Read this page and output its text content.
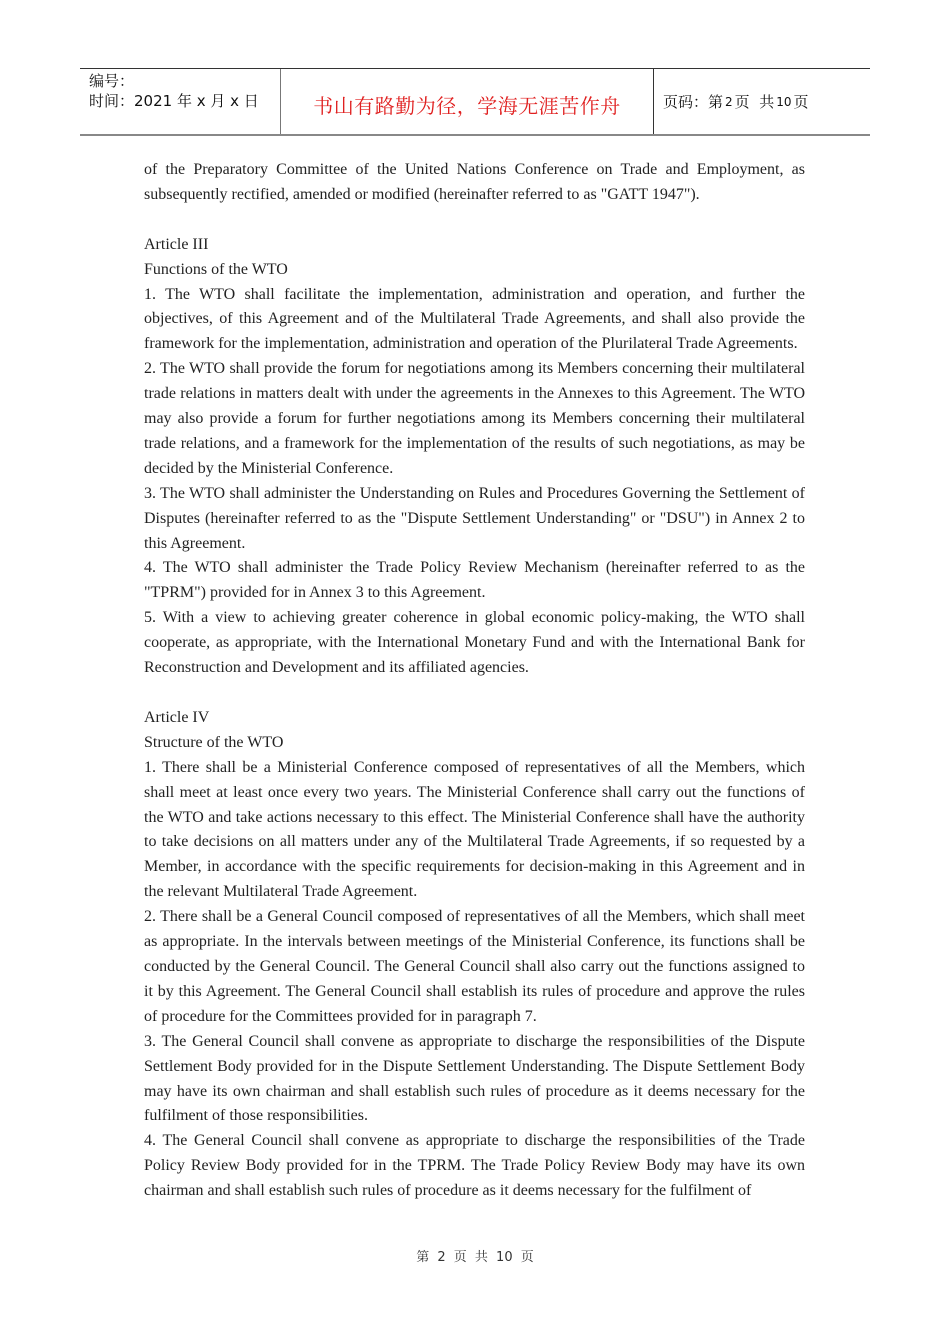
编号：
时间：2021 年 x 月 x 日	书山有路勤为径，学海无涯苦作舟	页码：第 2 页  共 10 页

of the Preparatory Committee of the United Nations Conference on Trade and Employment, as subsequently rectified, amended or modified (hereinafter referred to as "GATT 1947").

Article III

Functions of the WTO

1. The WTO shall facilitate the implementation, administration and operation, and further the objectives, of this Agreement and of the Multilateral Trade Agreements, and shall also provide the framework for the implementation, administration and operation of the Plurilateral Trade Agreements.

2. The WTO shall provide the forum for negotiations among its Members concerning their multilateral trade relations in matters dealt with under the agreements in the Annexes to this Agreement. The WTO may also provide a forum for further negotiations among its Members concerning their multilateral trade relations, and a framework for the implementation of the results of such negotiations, as may be decided by the Ministerial Conference.

3. The WTO shall administer the Understanding on Rules and Procedures Governing the Settlement of Disputes (hereinafter referred to as the "Dispute Settlement Understanding" or "DSU") in Annex 2 to this Agreement.

4. The WTO shall administer the Trade Policy Review Mechanism (hereinafter referred to as the "TPRM") provided for in Annex 3 to this Agreement.

5. With a view to achieving greater coherence in global economic policy-making, the WTO shall cooperate, as appropriate, with the International Monetary Fund and with the International Bank for Reconstruction and Development and its affiliated agencies.

Article IV

Structure of the WTO

1. There shall be a Ministerial Conference composed of representatives of all the Members, which shall meet at least once every two years. The Ministerial Conference shall carry out the functions of the WTO and take actions necessary to this effect. The Ministerial Conference shall have the authority to take decisions on all matters under any of the Multilateral Trade Agreements, if so requested by a Member, in accordance with the specific requirements for decision-making in this Agreement and in the relevant Multilateral Trade Agreement.

2. There shall be a General Council composed of representatives of all the Members, which shall meet as appropriate. In the intervals between meetings of the Ministerial Conference, its functions shall be conducted by the General Council. The General Council shall also carry out the functions assigned to it by this Agreement. The General Council shall establish its rules of procedure and approve the rules of procedure for the Committees provided for in paragraph 7.

3. The General Council shall convene as appropriate to discharge the responsibilities of the Dispute Settlement Body provided for in the Dispute Settlement Understanding. The Dispute Settlement Body may have its own chairman and shall establish such rules of procedure as it deems necessary for the fulfilment of those responsibilities.

4. The General Council shall convene as appropriate to discharge the responsibilities of the Trade Policy Review Body provided for in the TPRM. The Trade Policy Review Body may have its own chairman and shall establish such rules of procedure as it deems necessary for the fulfilment of

第 2 页 共 10 页
